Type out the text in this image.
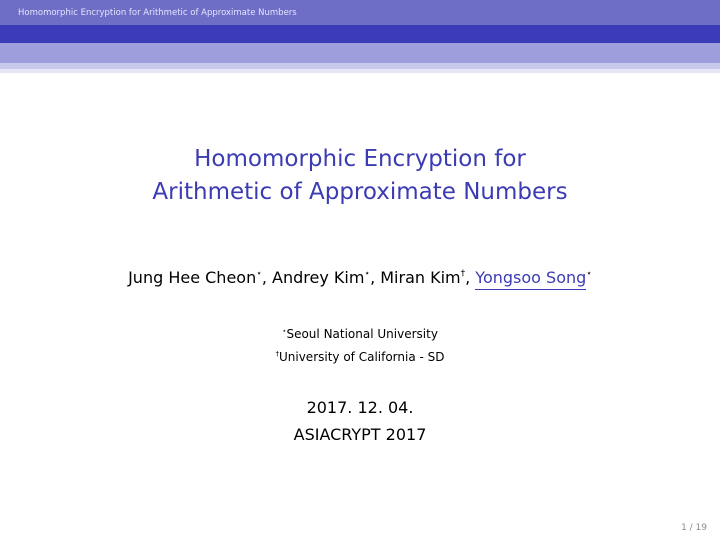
Homomorphic Encryption for Arithmetic of Approximate Numbers
Homomorphic Encryption for
Arithmetic of Approximate Numbers
Jung Hee Cheon⋆, Andrey Kim⋆, Miran Kim†, Yongsoo Song⋆
⋆Seoul National University
†University of California - SD
2017. 12. 04.
ASIACRYPT 2017
1 / 19
